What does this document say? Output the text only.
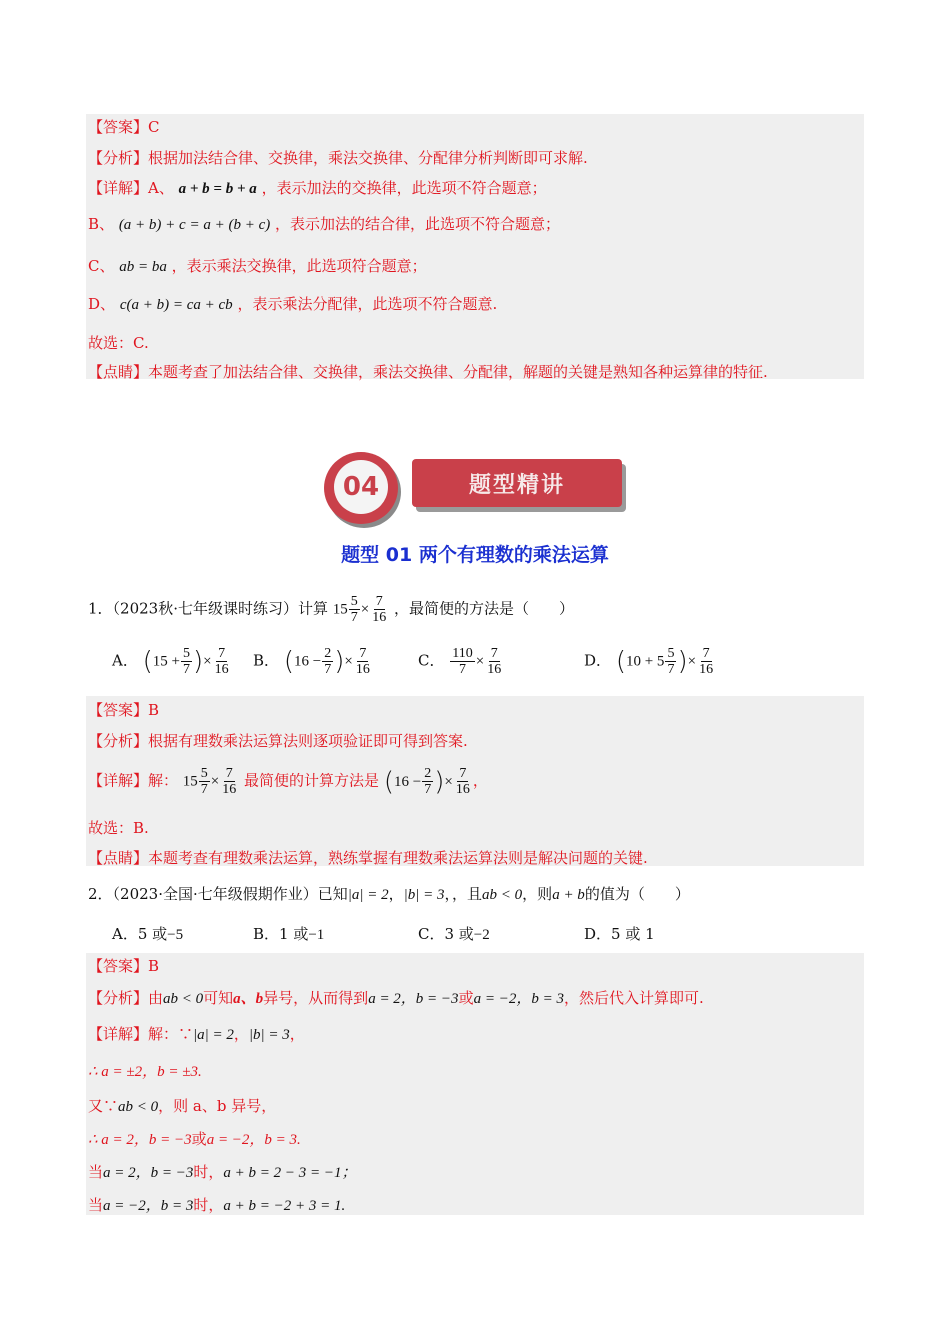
【答案】C
【分析】根据加法结合律、交换律，乘法交换律、分配律分析判断即可求解.
【详解】A、 a + b = b + a ，表示加法的交换律，此选项不符合题意；
B、 (a + b) + c = a + (b + c) ，表示加法的结合律，此选项不符合题意；
C、 ab = ba ，表示乘法交换律，此选项符合题意；
D、 c(a + b) = ca + cb ，表示乘法分配律，此选项不符合题意.
故选：C.
【点睛】本题考查了加法结合律、交换律，乘法交换律、分配律，解题的关键是熟知各种运算律的特征.
04	题型精讲
题型 01 两个有理数的乘法运算
1．（2023秋·七年级课时练习）计算 $15 \frac{5}{7} \times \frac{7}{16}$ ，最简便的方法是（　　）
A． ($15 + \frac{5}{7}$ )× $\frac{7}{16}$ B． ($16 - \frac{2}{7}$ )× $\frac{7}{16}$	C． $\frac{110}{7} \times \frac{7}{16}$	D． ($10 + 5 \frac{5}{7}$ )× $\frac{7}{16}$
【答案】B
【分析】根据有理数乘法运算法则逐项验证即可得到答案.
【详解】解： $15 \frac{5}{7} \times \frac{7}{16}$ 最简便的计算方法是 ($16 - \frac{2}{7}$ )× $\frac{7}{16}$ ，
故选：B.
【点睛】本题考查有理数乘法运算，熟练掌握有理数乘法运算法则是解决问题的关键.
2．（2023·全国·七年级假期作业）已知|a| = 2，|b| = 3，，且ab < 0，则a + b的值为（　　）
A．5 或−5	B．1 或−1	C．3 或−2	D．5 或 1
【答案】B
【分析】由ab < 0可知a、b异号，从而得到a = 2，b = −3或a = −2，b = 3，然后代入计算即可.
【详解】解：∵|a| = 2，|b| = 3，
∴ a = ±2，b = ±3.
又∵ab < 0，则 a、b 异号，
∴ a = 2，b = −3或a = −2，b = 3.
当a = 2，b = −3时，a + b = 2 − 3 = −1；
当a = −2，b = 3时，a + b = −2 + 3 = 1.
